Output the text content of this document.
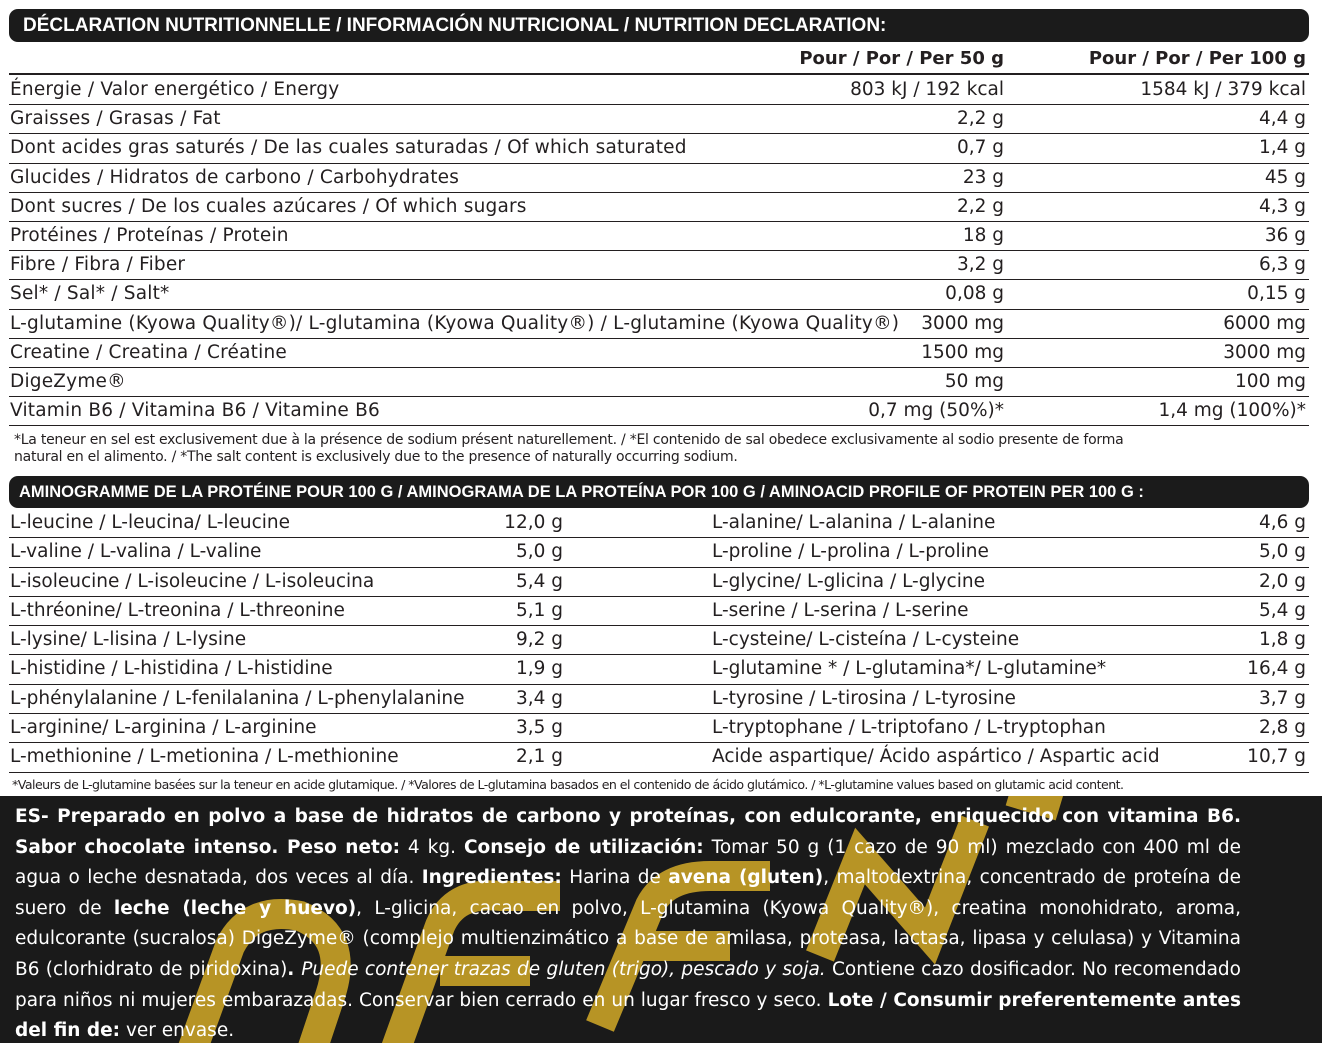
DÉCLARATION NUTRITIONNELLE / INFORMACIÓN NUTRICIONAL / NUTRITION DECLARATION:
Pour / Por / Per 50 g	Pour / Por / Per 100 g
Énergie / Valor energético / Energy	803 kJ / 192 kcal	1584 kJ / 379 kcal
Graisses / Grasas / Fat	2,2 g	4,4 g
Dont acides gras saturés / De las cuales saturadas / Of which saturated	0,7 g	1,4 g
Glucides / Hidratos de carbono / Carbohydrates	23 g	45 g
Dont sucres / De los cuales azúcares / Of which sugars	2,2 g	4,3 g
Protéines / Proteínas / Protein	18 g	36 g
Fibre / Fibra / Fiber	3,2 g	6,3 g
Sel* / Sal* / Salt*	0,08 g	0,15 g
L-glutamine (Kyowa Quality®)/ L-glutamina (Kyowa Quality®) / L-glutamine (Kyowa Quality®) 3000 mg	6000 mg
Creatine / Creatina / Créatine	1500 mg	3000 mg
DigeZyme®	50 mg	100 mg
Vitamin B6 / Vitamina B6 / Vitamine B6	0,7 mg (50%)*	1,4 mg (100%)*
*La teneur en sel est exclusivement due à la présence de sodium présent naturellement. / *El contenido de sal obedece exclusivamente al sodio presente de forma
natural en el alimento. / *The salt content is exclusively due to the presence of naturally occurring sodium.
AMINOGRAMME DE LA PROTÉINE POUR 100 G / AMINOGRAMA DE LA PROTEÍNA POR 100 G / AMINOACID PROFILE OF PROTEIN PER 100 G :
L-leucine / L-leucina/ L-leucine	12,0 g	L-alanine/ L-alanina / L-alanine	4,6 g
L-valine / L-valina / L-valine	5,0 g	L-proline / L-prolina / L-proline	5,0 g
L-isoleucine / L-isoleucine / L-isoleucina	5,4 g	L-glycine/ L-glicina / L-glycine	2,0 g
L-thréonine/ L-treonina / L-threonine	5,1 g	L-serine / L-serina / L-serine	5,4 g
L-lysine/ L-lisina / L-lysine	9,2 g	L-cysteine/ L-cisteína / L-cysteine	1,8 g
L-histidine / L-histidina / L-histidine	1,9 g	L-glutamine * / L-glutamina*/ L-glutamine*	16,4 g
L-phénylalanine / L-fenilalanina / L-phenylalanine	3,4 g	L-tyrosine / L-tirosina / L-tyrosine	3,7 g
L-arginine/ L-arginina / L-arginine	3,5 g	L-tryptophane / L-triptofano / L-tryptophan	2,8 g
L-methionine / L-metionina / L-methionine	2,1 g	Acide aspartique/ Ácido aspártico / Aspartic acid	10,7 g
*Valeurs de L-glutamine basées sur la teneur en acide glutamique. / *Valores de L-glutamina basados en el contenido de ácido glutámico. / *L-glutamine values based on glutamic acid content.
ES- Preparado en polvo a base de hidratos de carbono y proteínas, con edulcorante, enriquecido con vitamina B6. Sabor chocolate intenso. Peso neto: 4 kg. Consejo de utilización: Tomar 50 g (1 cazo de 90 ml) mezclado con 400 ml de agua o leche desnatada, dos veces al día. Ingredientes: Harina de avena (gluten), maltodextrina, concentrado de proteína de suero de leche (leche y huevo), L-glicina, cacao en polvo, L-glutamina (Kyowa Quality®), creatina monohidrato, aroma, edulcorante (sucralosa) DigeZyme® (complejo multienzimático a base de amilasa, proteasa, lactasa, lipasa y celulasa) y Vitamina B6 (clorhidrato de piridoxina). Puede contener trazas de gluten (trigo), pescado y soja. Contiene cazo dosificador. No recomendado para niños ni mujeres embarazadas. Conservar bien cerrado en un lugar fresco y seco. Lote / Consumir preferentemente antes del fin de: ver envase.
